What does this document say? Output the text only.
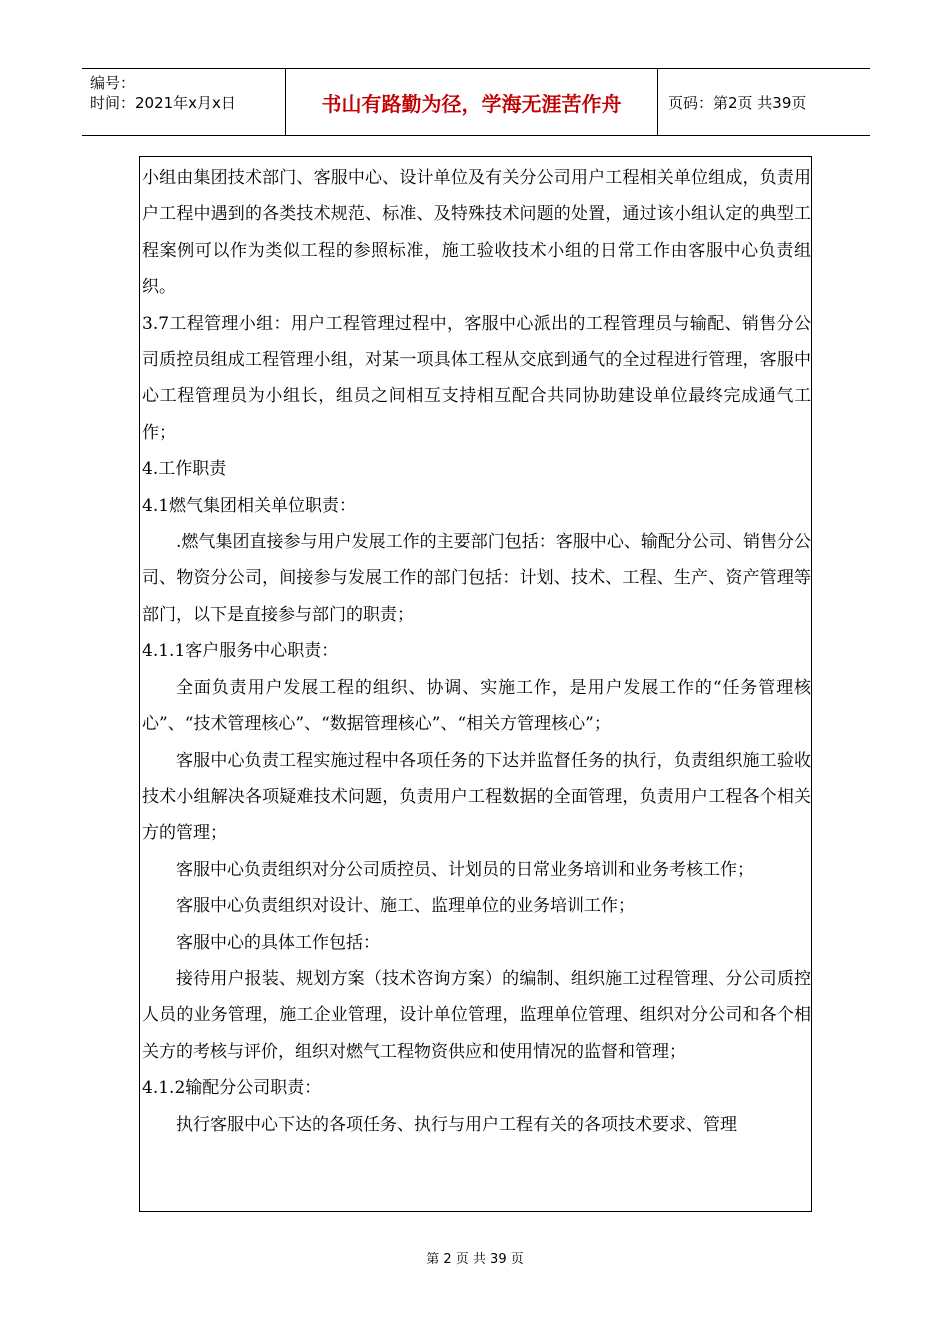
编号：
时间：2021年x月x日	书山有路勤为径，学海无涯苦作舟	页码：第2页 共39页

小组由集团技术部门、客服中心、设计单位及有关分公司用户工程相关单位组成，负责用户工程中遇到的各类技术规范、标准、及特殊技术问题的处置，通过该小组认定的典型工程案例可以作为类似工程的参照标准，施工验收技术小组的日常工作由客服中心负责组织。

3.7工程管理小组：用户工程管理过程中，客服中心派出的工程管理员与输配、销售分公司质控员组成工程管理小组，对某一项具体工程从交底到通气的全过程进行管理，客服中心工程管理员为小组长，组员之间相互支持相互配合共同协助建设单位最终完成通气工作；

4.工作职责

4.1燃气集团相关单位职责：

.燃气集团直接参与用户发展工作的主要部门包括：客服中心、输配分公司、销售分公司、物资分公司，间接参与发展工作的部门包括：计划、技术、工程、生产、资产管理等部门，以下是直接参与部门的职责；

4.1.1客户服务中心职责：

全面负责用户发展工程的组织、协调、实施工作，是用户发展工作的“任务管理核心”、“技术管理核心”、“数据管理核心”、“相关方管理核心”；

客服中心负责工程实施过程中各项任务的下达并监督任务的执行，负责组织施工验收技术小组解决各项疑难技术问题，负责用户工程数据的全面管理，负责用户工程各个相关方的管理；

客服中心负责组织对分公司质控员、计划员的日常业务培训和业务考核工作；

客服中心负责组织对设计、施工、监理单位的业务培训工作；

客服中心的具体工作包括：

接待用户报装、规划方案（技术咨询方案）的编制、组织施工过程管理、分公司质控人员的业务管理，施工企业管理，设计单位管理，监理单位管理、组织对分公司和各个相关方的考核与评价，组织对燃气工程物资供应和使用情况的监督和管理；

4.1.2输配分公司职责：

执行客服中心下达的各项任务、执行与用户工程有关的各项技术要求、管理

第 2 页 共 39 页
